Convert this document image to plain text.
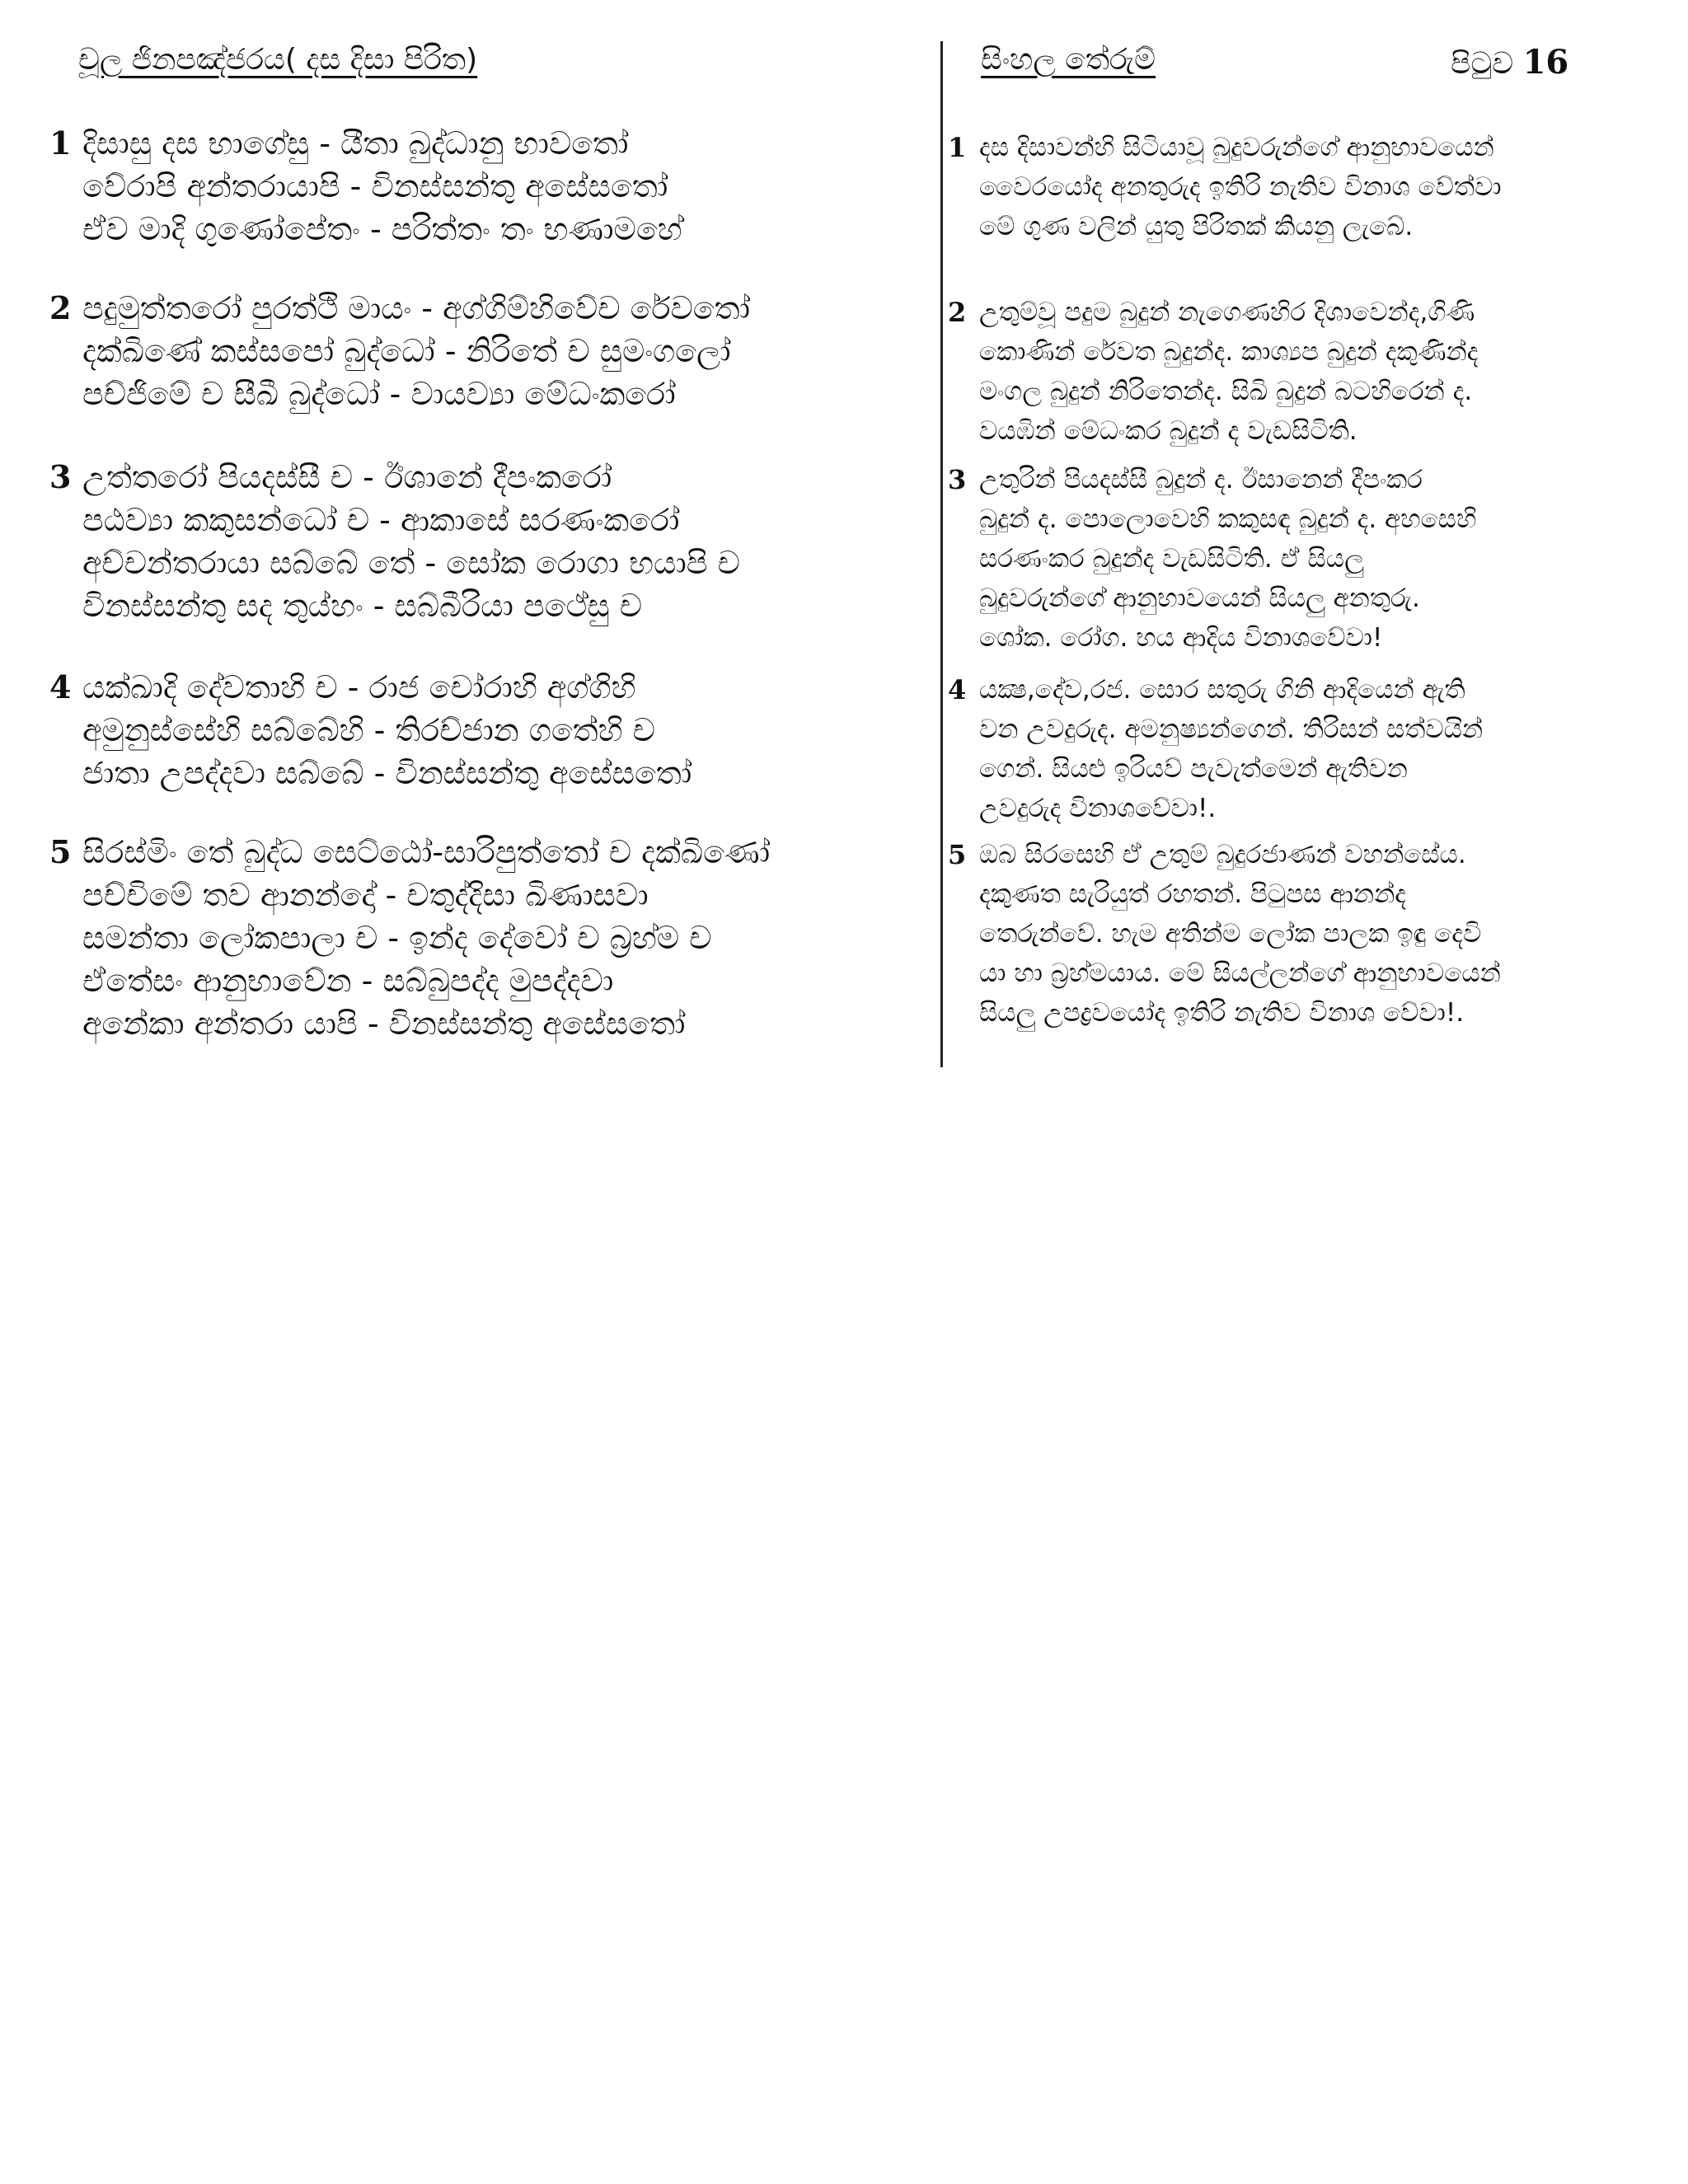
චූල ජිනපඤ්ජරය( දස දිසා පිරිත)	සිංහල තේරුම්	පිටුව 16
1 දිසාසු දස භාගේසු - යීතා බුද්ධානු භාවතෝ
වේරාපි අන්තරායාපි - විනස්සන්තු අසේසතෝ
ඒව මාදි ගුණෝපේතං - පරිත්තං තං භණාමහේ
2 පදුමුත්තරෝ පුරත්ථි මායං - අග්ගිම්හිවේච රේවතෝ
දක්ඛිණේ කස්සපෝ බුද්ධෝ - නිරිතේ ච සුමංගලෝ
පච්ජිමේ ච සීඛී බුද්ධෝ - වායව්‍යා මේධංකරෝ
3 උත්තරෝ පියදස්සී ච - ඊශානේ දීපංකරෝ
පඨව්‍යා කකුසන්ධෝ ච - ආකාසේ සරණංකරෝ
අච්චන්තරායා සබ්බේ තේ - සෝක රොගා භයාපි ච
විනස්සන්තු සද තුය්හං - සබ්බීරියා පථේසු ච
4 යක්ඛාදි දේවතාහි ච - රාජ චෝරාහි අග්ගිහි
අමුනුස්සේහි සබ්බේහි - තිරච්ජාන ගතේහි ච
ජාතා උපද්දවා සබ්බේ - විනස්සන්තු අසේසතෝ
5 සිරස්මිං තේ බුද්ධ සෙට්ඨෝ-සාරිපුත්තෝ ච දක්ඛිණෝ
පච්චිමේ තව ආනන්දෝ - චතුද්දිසා ඛිණාසවා
සමන්තා ලෝකපාලා ච - ඉන්ද දේවෝ ච බ්‍රහ්ම ච
ඒතේසං ආනුභාවේන - සබ්බුපද්ද මුපද්දවා
අනේකා අන්තරා යාපි - විනස්සන්තු අසේසතෝ
1 දස දිසාවන්හි සිටියාවූ බුදුවරුන්ගේ ආනුභාවයෙන්
වෛරයෝද අනතුරුද ඉතිරි නැතිව විනාශ වේත්වා
මේ ගුණ වලින් යුතු පිරිතක් කියනු ලැබේ.
2 උතුම්වූ පදුම බුදුන් නැගෙණහිර දිශාවෙන්ද,ගිණි
කොණින් රේවත බුදුන්ද. කාශ්‍යප බුදුන් දකුණින්ද
මංගල බුදුන් නිරිතෙන්ද. සිඛි බුදුන් බටහිරෙන් ද.
වයඹින් මේධංකර බුදුන් ද වැඩසිටිති.
3 උතුරින් පියදස්සී බුදුන් ද. ඊසානෙන් දීපංකර
බුදුන් ද. පොලොවෙහි කකුසඳ බුදුන් ද. අහසෙහි
සරණංකර බුදුන්ද වැඩසිටිති. ඒ සියලු
බුදුවරුන්ගේ ආනුභාවයෙන් සියලු අනතුරු.
ශෝක. රෝග. භය ආදිය විනාශවේවා!
4 යක්‍ෂ,දේව,රජ. සොර සතුරු ගිනි ආදියෙන් ඇති
වන උවදුරුද. අමනුෂ්‍යන්ගෙන්. තිරිසන් සත්වයින්
ගෙන්. සියළු ඉරියව් පැවැත්මෙන් ඇතිවන
උවදුරුද විනාශවේවා!.
5 ඔබ සිරසෙහි ඒ උතුම් බුදුරජාණන් වහන්සේය.
දකුණත සැරියුත් රහතන්. පිටුපස ආනන්ද
තෙරුන්වේ. හැම අතින්ම ලෝක පාලක ඉඳු දෙවි
යා හා බ්‍රහ්මයාය. මේ සියල්ලන්ගේ ආනුභාවයෙන්
සියලු උපද්‍රවයෝද ඉතිරි නැතිව විනාශ වේවා!.
